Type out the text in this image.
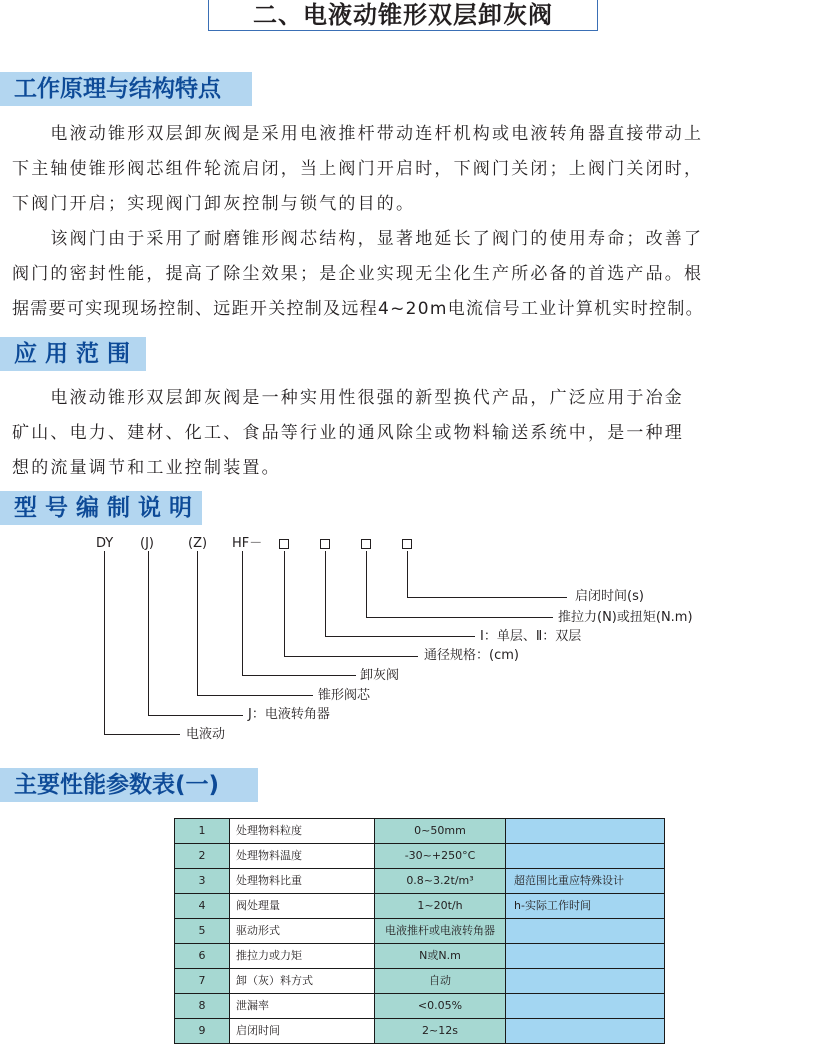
二、电液动锥形双层卸灰阀
工作原理与结构特点
　　电液动锥形双层卸灰阀是采用电液推杆带动连杆机构或电液转角器直接带动上
下主轴使锥形阀芯组件轮流启闭，当上阀门开启时，下阀门关闭；上阀门关闭时，
下阀门开启；实现阀门卸灰控制与锁气的目的。
　　该阀门由于采用了耐磨锥形阀芯结构，显著地延长了阀门的使用寿命；改善了
阀门的密封性能，提高了除尘效果；是企业实现无尘化生产所必备的首选产品。根
据需要可实现现场控制、远距开关控制及远程4~20m电流信号工业计算机实时控制。
应 用 范 围
　　电液动锥形双层卸灰阀是一种实用性很强的新型换代产品，广泛应用于冶金
矿山、电力、建材、化工、食品等行业的通风除尘或物料输送系统中，是一种理
想的流量调节和工业控制装置。
型 号 编 制 说 明
DY (J)	(Z) HF－
启闭时间(s)
推拉力(N)或扭矩(N.m)
Ⅰ：单层、Ⅱ：双层
通径规格：(cm)
卸灰阀
锥形阀芯
J：电液转角器
电液动
主要性能参数表(一)
1	处理物料粒度	0~50mm	
2	处理物料温度	-30~+250°C	
3	处理物料比重	0.8~3.2t/m³	超范围比重应特殊设计
4	阀处理量	1~20t/h	h-实际工作时间
5	驱动形式	电液推杆或电液转角器	
6	推拉力或力矩	N或N.m	
7	卸（灰）料方式	自动	
8	泄漏率	<0.05%	
9	启闭时间	2~12s	
